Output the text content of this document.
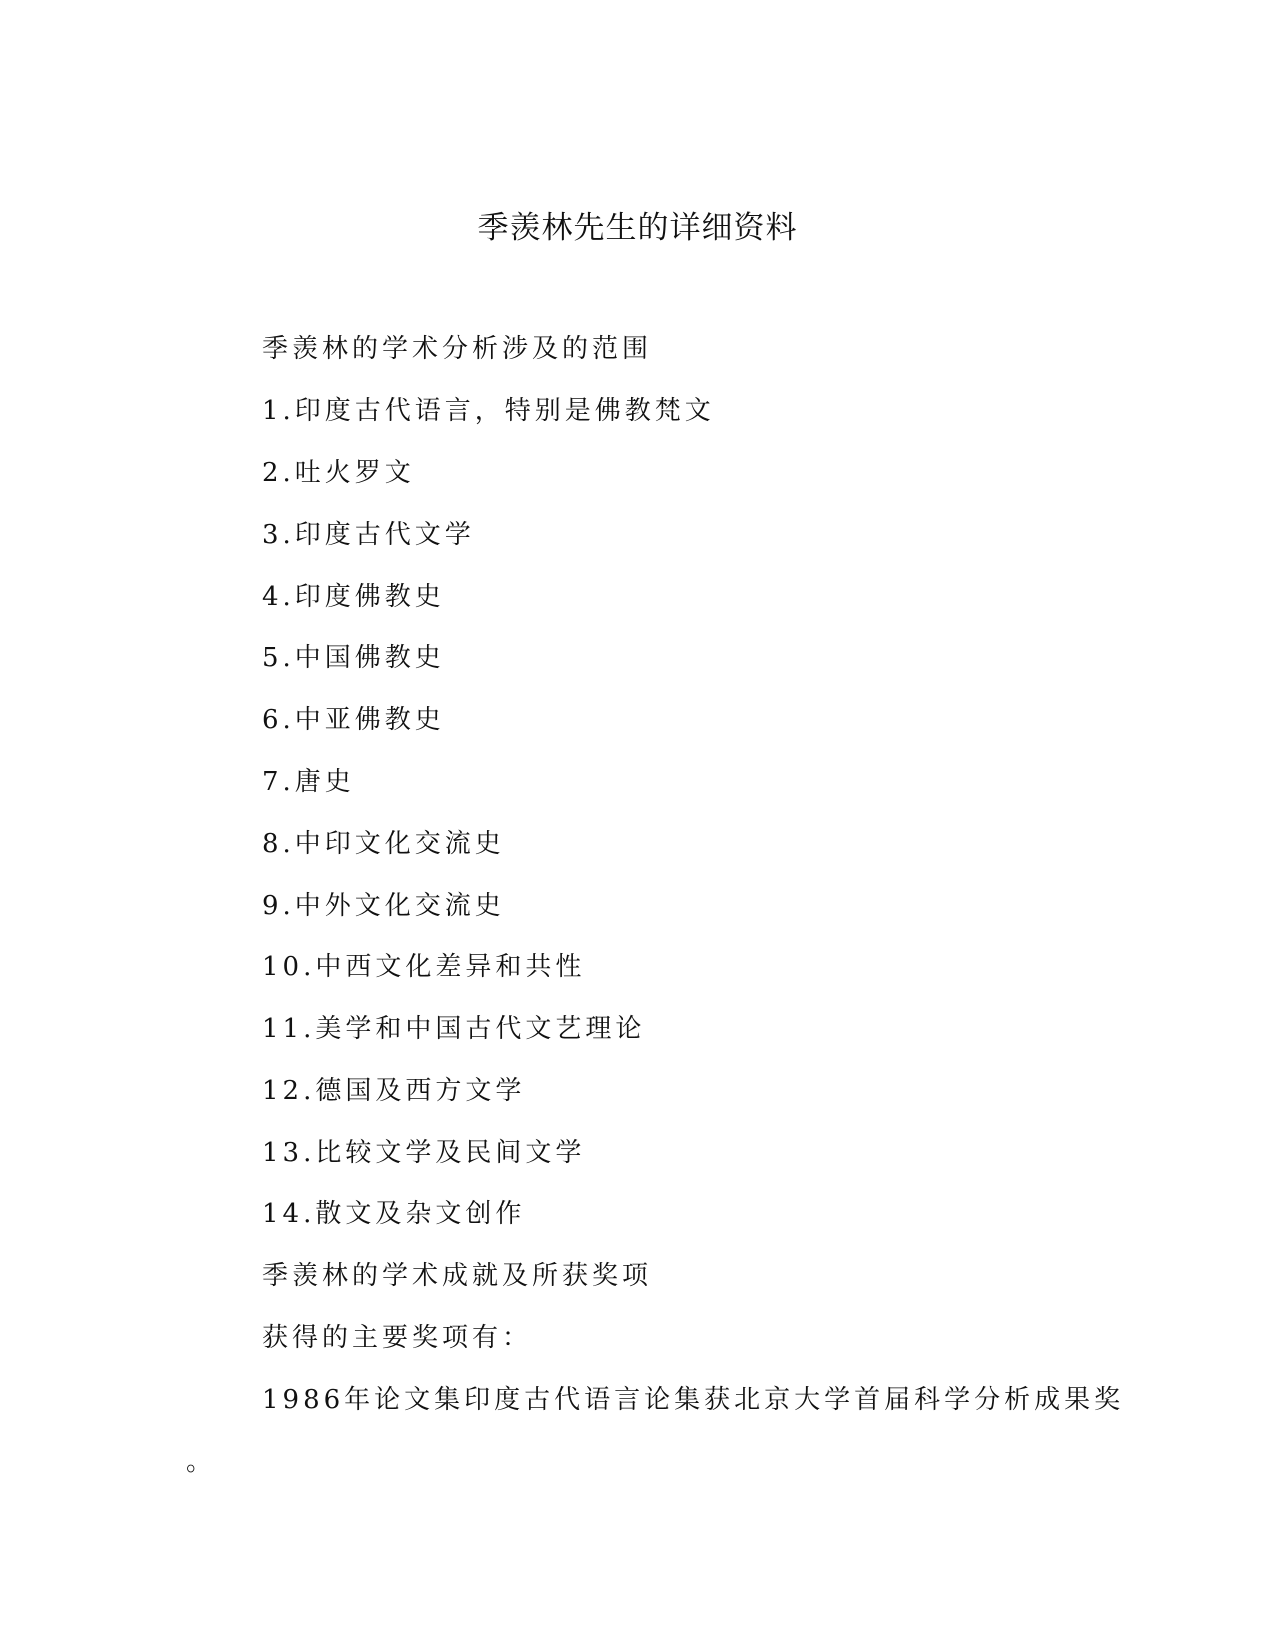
季羡林先生的详细资料

季羡林的学术分析涉及的范围

1.印度古代语言，特别是佛教梵文

2.吐火罗文

3.印度古代文学

4.印度佛教史

5.中国佛教史

6.中亚佛教史

7.唐史

8.中印文化交流史

9.中外文化交流史

10.中西文化差异和共性

11.美学和中国古代文艺理论

12.德国及西方文学

13.比较文学及民间文学

14.散文及杂文创作

季羡林的学术成就及所获奖项

获得的主要奖项有：

1986年论文集印度古代语言论集获北京大学首届科学分析成果奖

。
